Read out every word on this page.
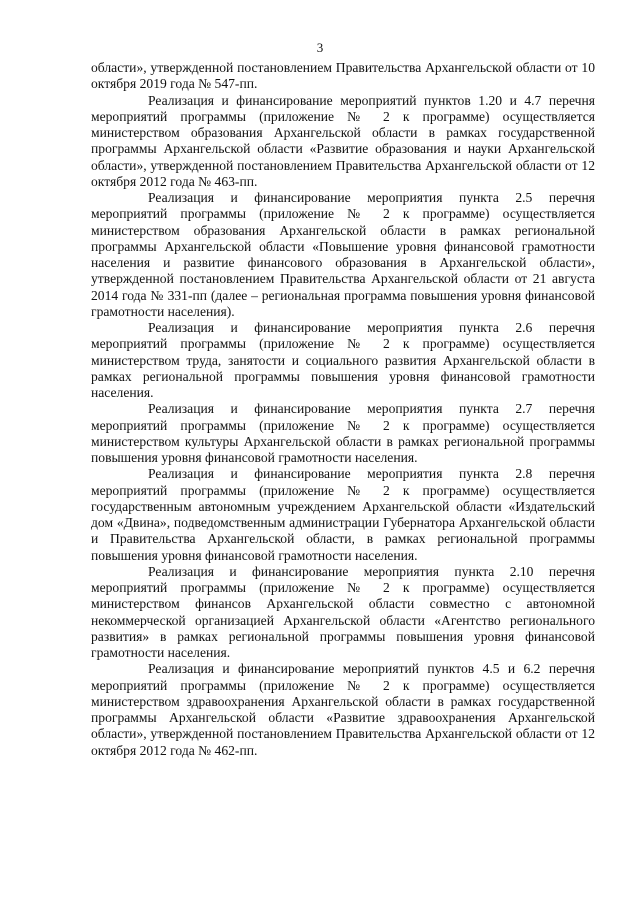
3

области», утвержденной постановлением Правительства Архангельской области от 10 октября 2019 года № 547-пп.

Реализация и финансирование мероприятий пунктов 1.20 и 4.7 перечня мероприятий программы (приложение № 2 к программе) осуществляется министерством образования Архангельской области в рамках государственной программы Архангельской области «Развитие образования и науки Архангельской области», утвержденной постановлением Правительства Архангельской области от 12 октября 2012 года № 463-пп.

Реализация и финансирование мероприятия пункта 2.5 перечня мероприятий программы (приложение № 2 к программе) осуществляется министерством образования Архангельской области в рамках региональной программы Архангельской области «Повышение уровня финансовой грамотности населения и развитие финансового образования в Архангельской области», утвержденной постановлением Правительства Архангельской области от 21 августа 2014 года № 331-пп (далее – региональная программа повышения уровня финансовой грамотности населения).

Реализация и финансирование мероприятия пункта 2.6 перечня мероприятий программы (приложение № 2 к программе) осуществляется министерством труда, занятости и социального развития Архангельской области в рамках региональной программы повышения уровня финансовой грамотности населения.

Реализация и финансирование мероприятия пункта 2.7 перечня мероприятий программы (приложение № 2 к программе) осуществляется министерством культуры Архангельской области в рамках региональной программы повышения уровня финансовой грамотности населения.

Реализация и финансирование мероприятия пункта 2.8 перечня мероприятий программы (приложение № 2 к программе) осуществляется государственным автономным учреждением Архангельской области «Издательский дом «Двина», подведомственным администрации Губернатора Архангельской области и Правительства Архангельской области, в рамках региональной программы повышения уровня финансовой грамотности населения.

Реализация и финансирование мероприятия пункта 2.10 перечня мероприятий программы (приложение № 2 к программе) осуществляется министерством финансов Архангельской области совместно с автономной некоммерческой организацией Архангельской области «Агентство регионального развития» в рамках региональной программы повышения уровня финансовой грамотности населения.

Реализация и финансирование мероприятий пунктов 4.5 и 6.2 перечня мероприятий программы (приложение № 2 к программе) осуществляется министерством здравоохранения Архангельской области в рамках государственной программы Архангельской области «Развитие здравоохранения Архангельской области», утвержденной постановлением Правительства Архангельской области от 12 октября 2012 года № 462-пп.
